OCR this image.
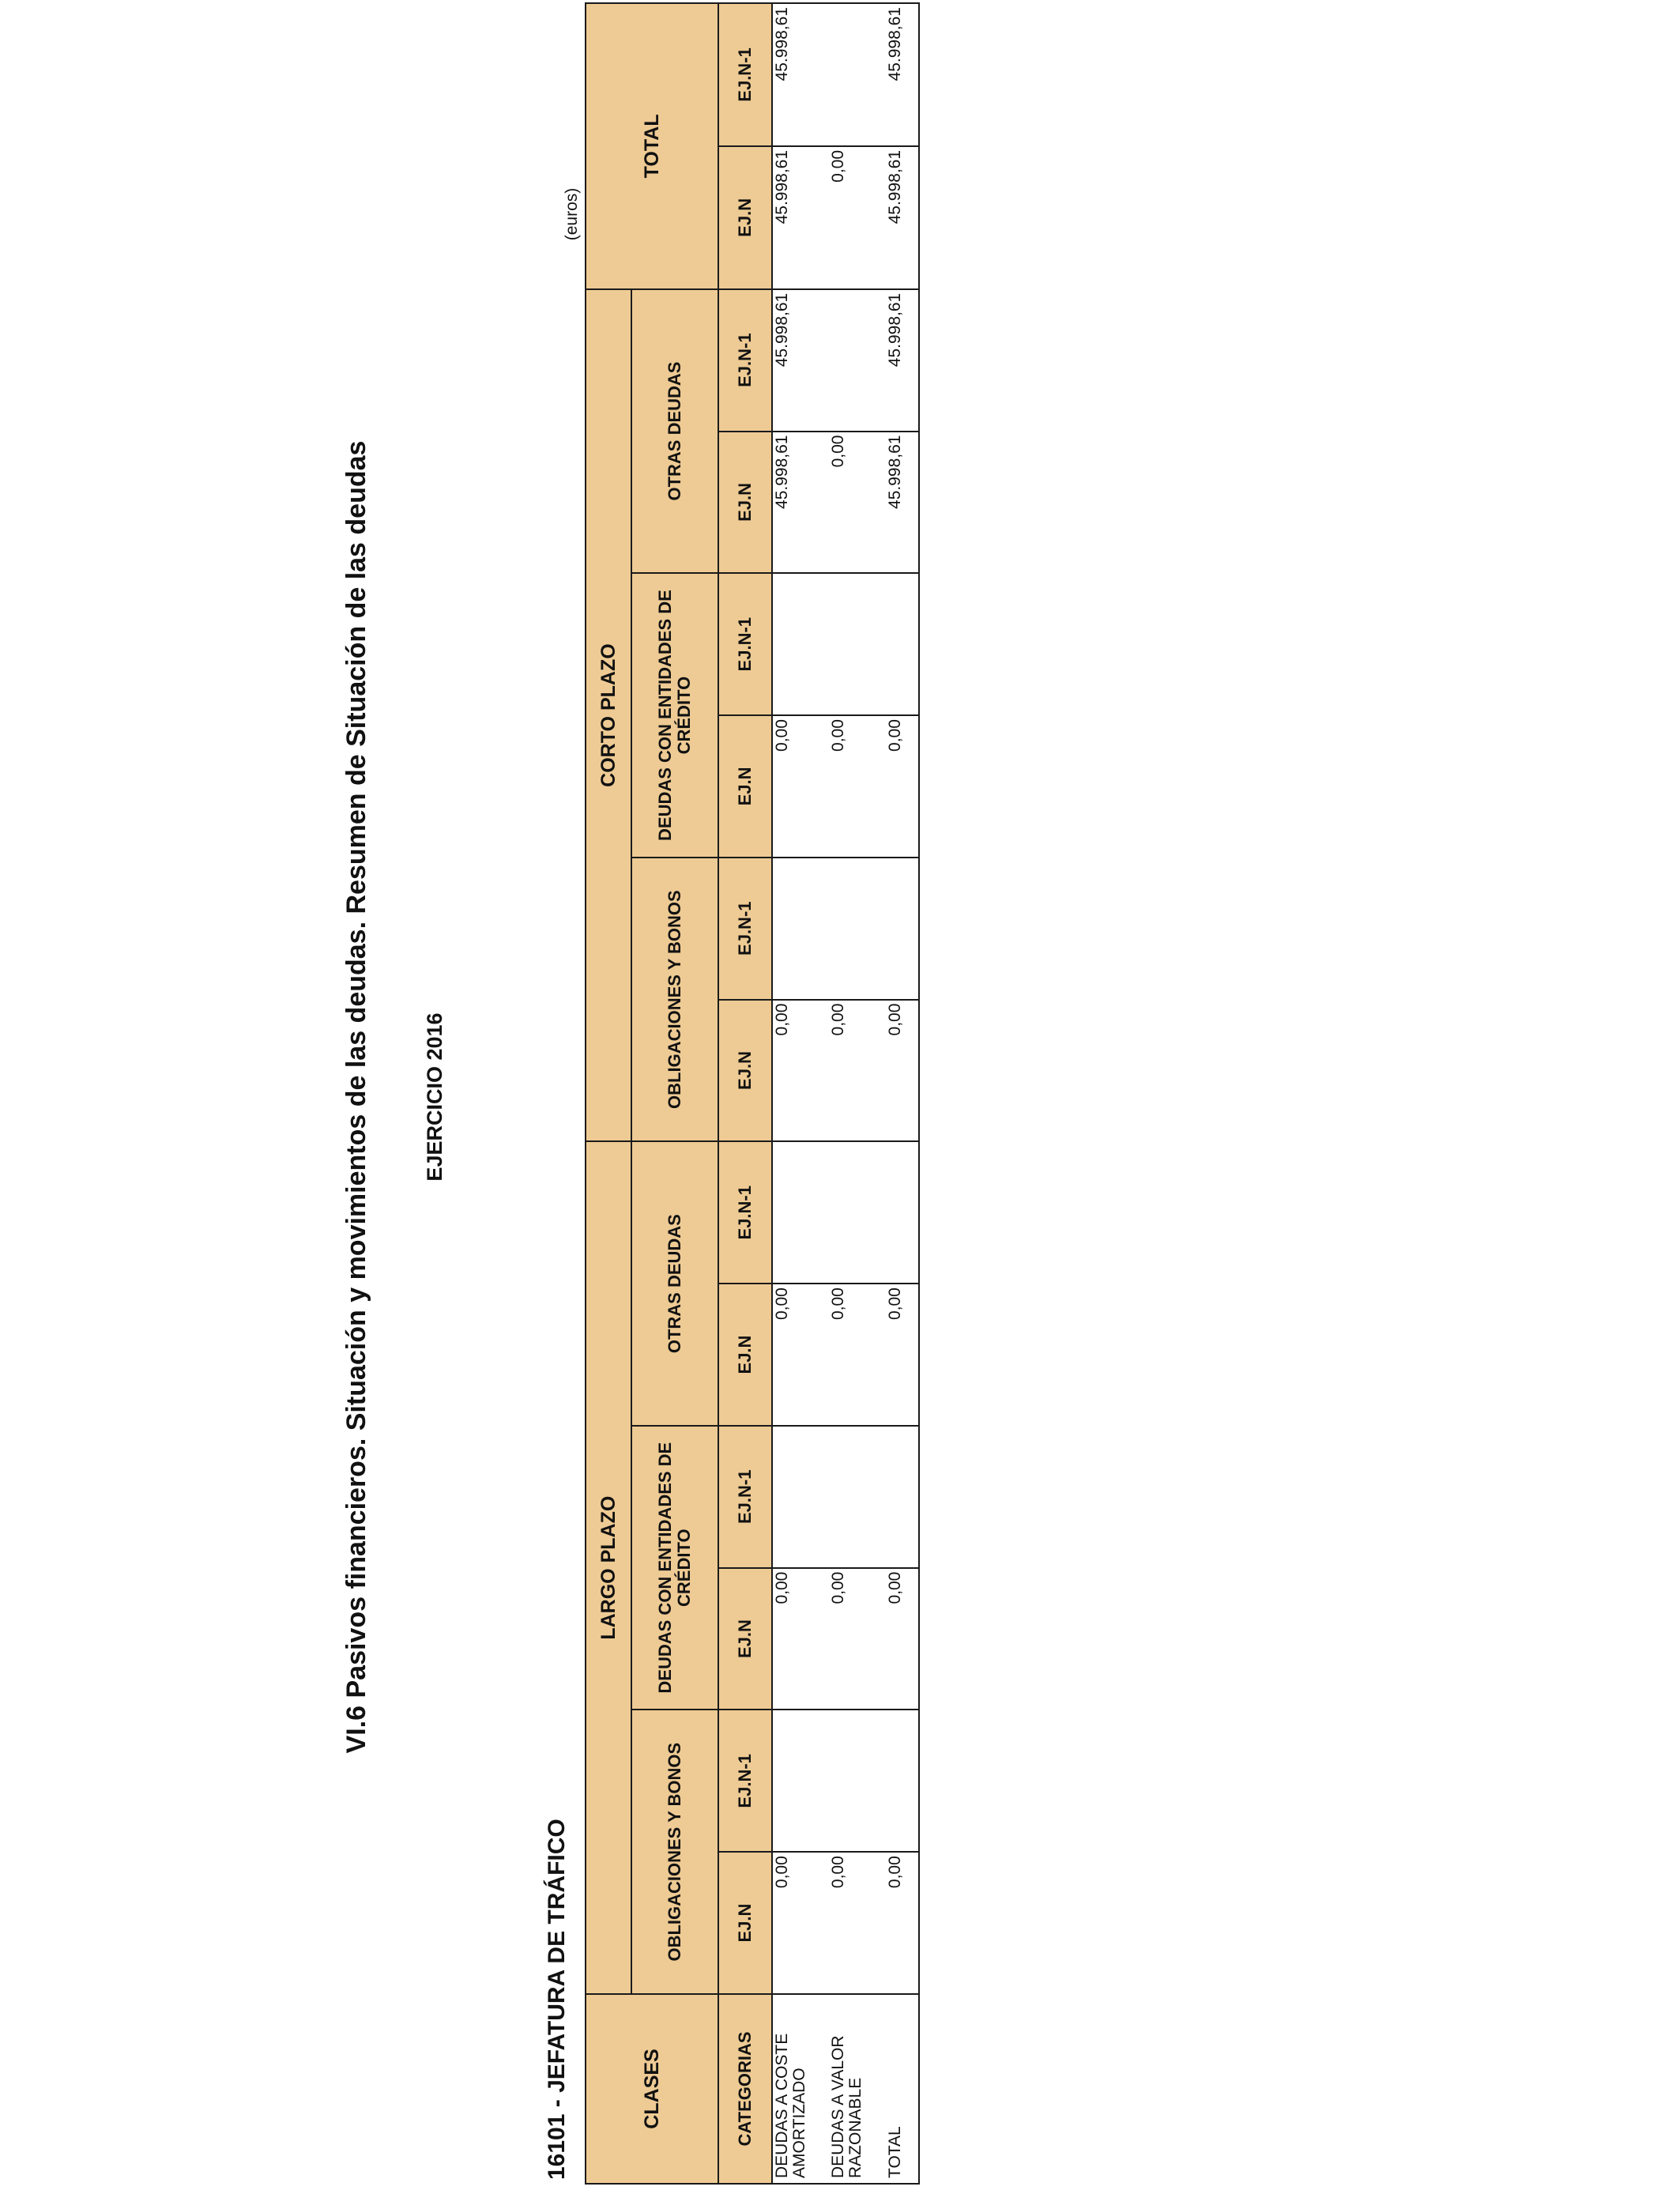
VI.6 Pasivos financieros. Situación y movimientos de las deudas. Resumen de Situación de las deudas EJERCICIO 2016
16101 - JEFATURA DE TRÁFICO
(euros)
CLASES	LARGO PLAZO						CORTO PLAZO						TOTAL	
	OBLIGACIONES Y BONOS		DEUDAS CON ENTIDADES DE CRÉDITO		OTRAS DEUDAS		OBLIGACIONES Y BONOS		DEUDAS CON ENTIDADES DE CRÉDITO		OTRAS DEUDAS			
CATEGORIAS	EJ.N	EJ.N-1	EJ.N	EJ.N-1	EJ.N	EJ.N-1	EJ.N	EJ.N-1	EJ.N	EJ.N-1	EJ.N	EJ.N-1	EJ.N	EJ.N-1
DEUDAS A COSTE AMORTIZADO	0,00		0,00		0,00		0,00		0,00		45.998,61	45.998,61	45.998,61	45.998,61
DEUDAS A VALOR RAZONABLE	0,00		0,00		0,00		0,00		0,00		0,00		0,00	
TOTAL	0,00		0,00		0,00		0,00		0,00		45.998,61	45.998,61	45.998,61	45.998,61
